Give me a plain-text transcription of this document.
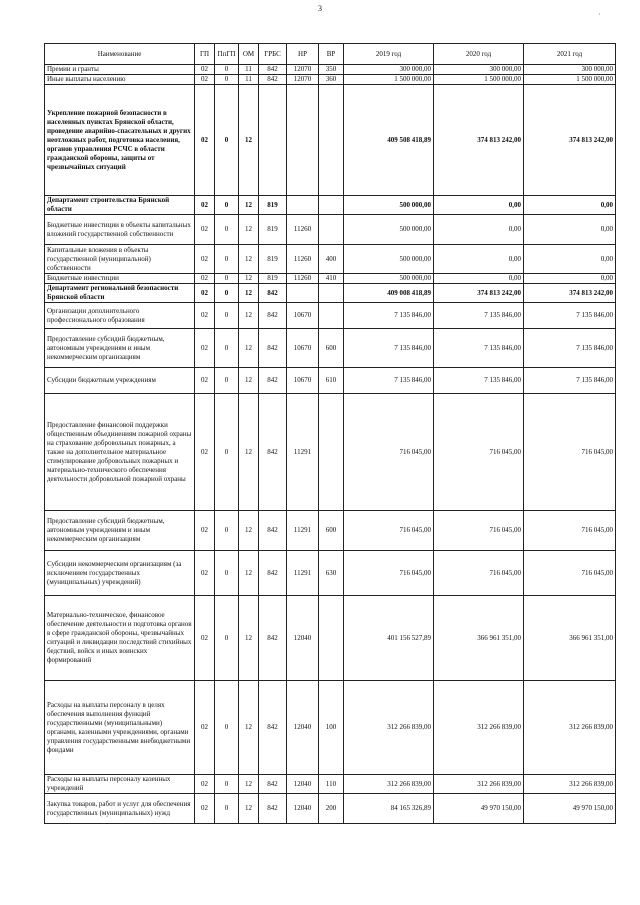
3
·
Наименование	ГП	ПпГП	ОМ	ГРБС	НР	ВР	2019 год	2020 год	2021 год
Премии и гранты	02	0	11	842	12070	350	300 000,00	300 000,00	300 000,00
Иные выплаты населению	02	0	11	842	12070	360	1 500 000,00	1 500 000,00	1 500 000,00
Укрепление пожарной безопасности в населенных пунктах Брянской области, проведение аварийно-спасательных и других неотложных работ, подготовка населения, органов управления РСЧС в области гражданской обороны, защиты от чрезвычайных ситуаций	02	0	12				409 508 418,89	374 813 242,00	374 813 242,00
Департамент строительства Брянской области	02	0	12	819			500 000,00	0,00	0,00
Бюджетные инвестиции в объекты капитальных вложений государственной собственности	02	0	12	819	11260		500 000,00	0,00	0,00
Капитальные вложения в объекты государственной (муниципальной) собственности	02	0	12	819	11260	400	500 000,00	0,00	0,00
Бюджетные инвестиции	02	0	12	819	11260	410	500 000,00	0,00	0,00
Департамент региональной безопасности Брянской области	02	0	12	842			409 008 418,89	374 813 242,00	374 813 242,00
Организации дополнительного профессионального образования	02	0	12	842	10670		7 135 846,00	7 135 846,00	7 135 846,00
Предоставление субсидий бюджетным, автономным учреждениям и иным некоммерческим организациям	02	0	12	842	10670	600	7 135 846,00	7 135 846,00	7 135 846,00
Субсидии бюджетным учреждениям	02	0	12	842	10670	610	7 135 846,00	7 135 846,00	7 135 846,00
Предоставление финансовой поддержки общественным объединениям пожарной охраны на страхование добровольных пожарных, а также на дополнительное материальное стимулирование добровольных пожарных и материально-технического обеспечения деятельности добровольной пожарной охраны	02	0	12	842	11291		716 045,00	716 045,00	716 045,00
Предоставление субсидий бюджетным, автономным учреждениям и иным некоммерческим организациям	02	0	12	842	11291	600	716 045,00	716 045,00	716 045,00
Субсидии некоммерческим организациям (за исключением государственных (муниципальных) учреждений)	02	0	12	842	11291	630	716 045,00	716 045,00	716 045,00
Материально-техническое, финансовое обеспечение деятельности и подготовка органов в сфере гражданской обороны, чрезвычайных ситуаций и ликвидации последствий стихийных бедствий, войск и иных воинских формирований	02	0	12	842	12040		401 156 527,89	366 961 351,00	366 961 351,00
Расходы на выплаты персоналу в целях обеспечения выполнения функций государственными (муниципальными) органами, казенными учреждениями, органами управления государственными внебюджетными фондами	02	0	12	842	12040	100	312 266 839,00	312 266 839,00	312 266 839,00
Расходы на выплаты персоналу казенных учреждений	02	0	12	842	12040	110	312 266 839,00	312 266 839,00	312 266 839,00
Закупка товаров, работ и услуг для обеспечения государственных (муниципальных) нужд	02	0	12	842	12040	200	84 165 326,89	49 970 150,00	49 970 150,00
